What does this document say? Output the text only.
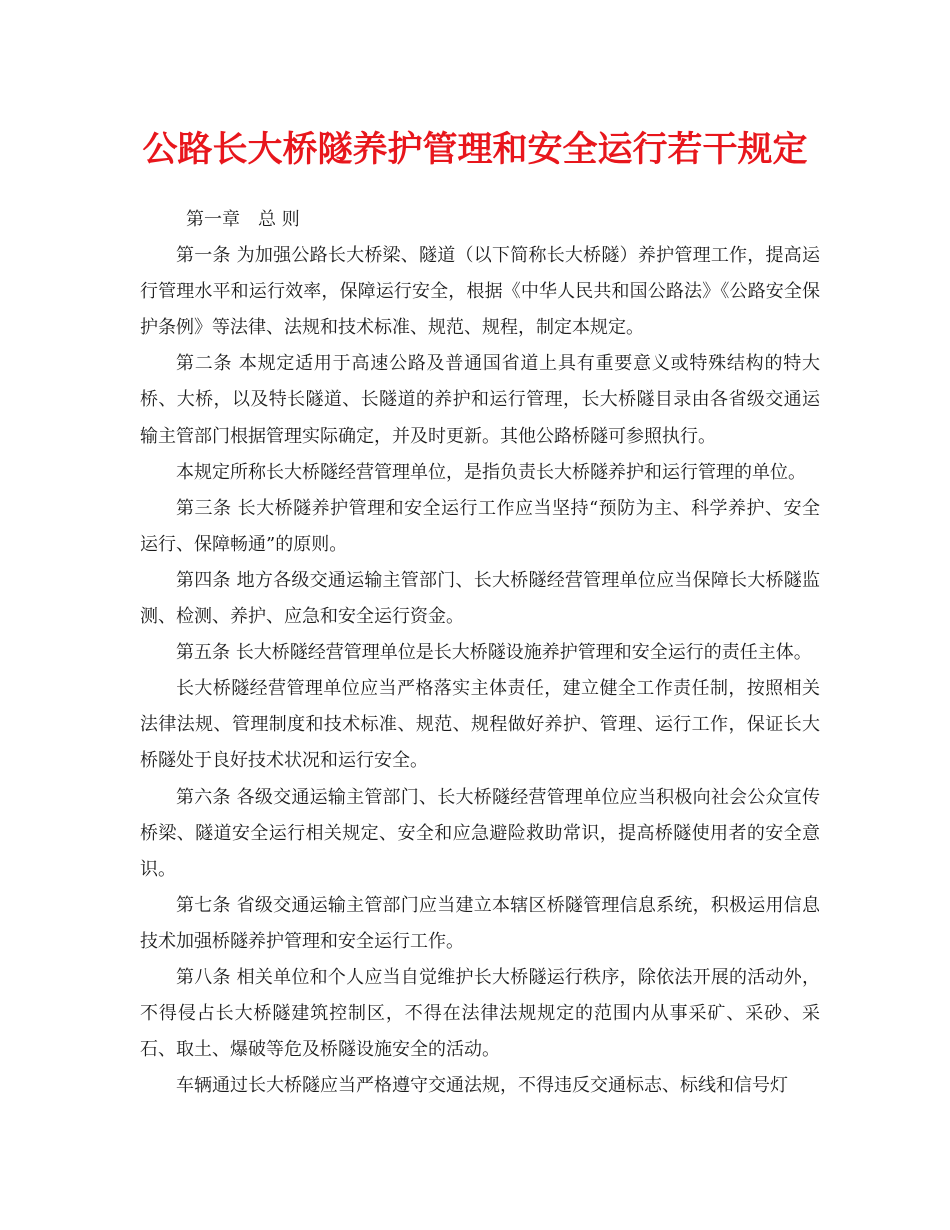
公路长大桥隧养护管理和安全运行若干规定

第一章　总 则

第一条 为加强公路长大桥梁、隧道（以下简称长大桥隧）养护管理工作，提高运行管理水平和运行效率，保障运行安全，根据《中华人民共和国公路法》《公路安全保护条例》等法律、法规和技术标准、规范、规程，制定本规定。

第二条 本规定适用于高速公路及普通国省道上具有重要意义或特殊结构的特大桥、大桥，以及特长隧道、长隧道的养护和运行管理，长大桥隧目录由各省级交通运输主管部门根据管理实际确定，并及时更新。其他公路桥隧可参照执行。

本规定所称长大桥隧经营管理单位，是指负责长大桥隧养护和运行管理的单位。

第三条 长大桥隧养护管理和安全运行工作应当坚持“预防为主、科学养护、安全运行、保障畅通”的原则。

第四条 地方各级交通运输主管部门、长大桥隧经营管理单位应当保障长大桥隧监测、检测、养护、应急和安全运行资金。

第五条 长大桥隧经营管理单位是长大桥隧设施养护管理和安全运行的责任主体。

长大桥隧经营管理单位应当严格落实主体责任，建立健全工作责任制，按照相关法律法规、管理制度和技术标准、规范、规程做好养护、管理、运行工作，保证长大桥隧处于良好技术状况和运行安全。

第六条 各级交通运输主管部门、长大桥隧经营管理单位应当积极向社会公众宣传桥梁、隧道安全运行相关规定、安全和应急避险救助常识，提高桥隧使用者的安全意识。

第七条 省级交通运输主管部门应当建立本辖区桥隧管理信息系统，积极运用信息技术加强桥隧养护管理和安全运行工作。

第八条 相关单位和个人应当自觉维护长大桥隧运行秩序，除依法开展的活动外，不得侵占长大桥隧建筑控制区，不得在法律法规规定的范围内从事采矿、采砂、采石、取土、爆破等危及桥隧设施安全的活动。

车辆通过长大桥隧应当严格遵守交通法规，不得违反交通标志、标线和信号灯
